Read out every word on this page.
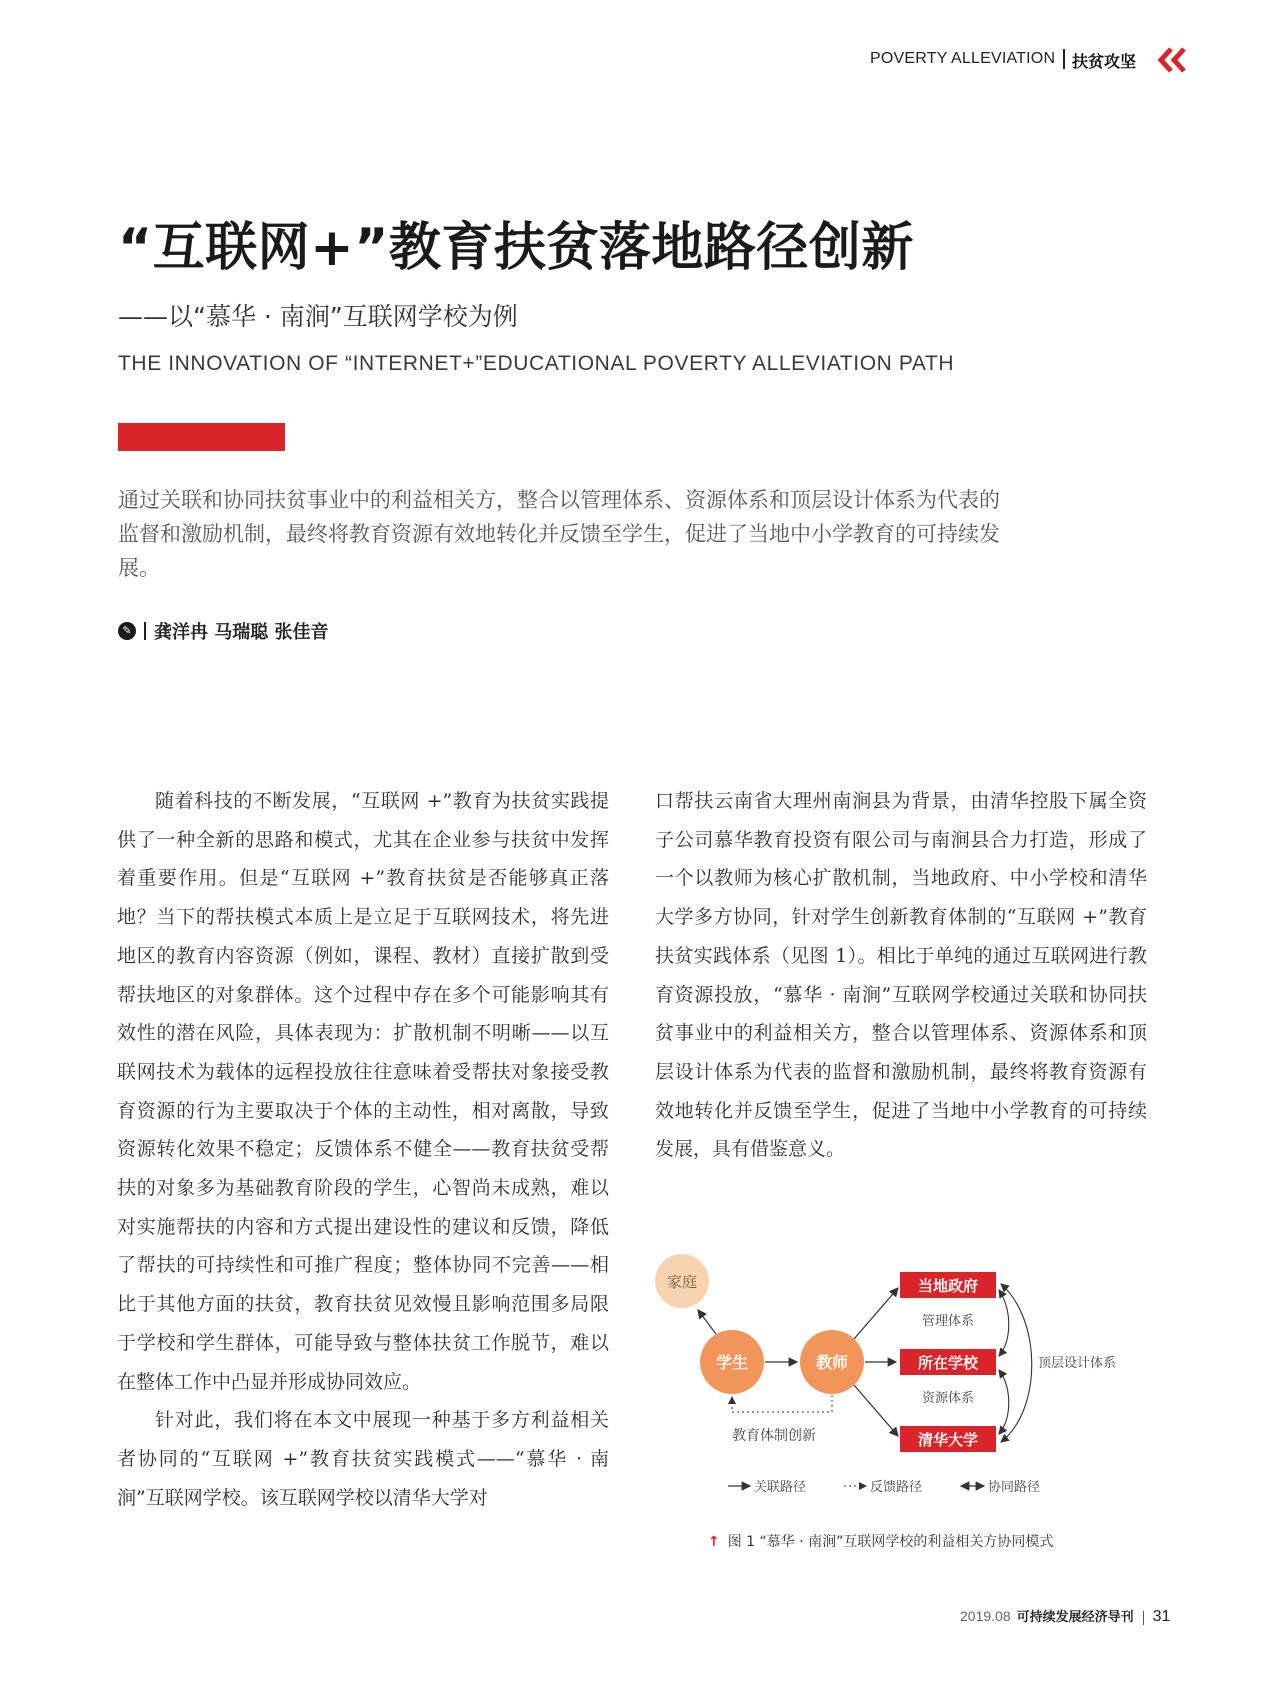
POVERTY ALLEVIATION 扶贫攻坚
“互联网+”教育扶贫落地路径创新
——以“慕华 · 南涧”互联网学校为例
THE INNOVATION OF “INTERNET+”EDUCATIONAL POVERTY ALLEVIATION PATH
通过关联和协同扶贫事业中的利益相关方，整合以管理体系、资源体系和顶层设计体系为代表的监督和激励机制，最终将教育资源有效地转化并反馈至学生，促进了当地中小学教育的可持续发展。
✎ 龚洋冉 马瑞聪 张佳音

随着科技的不断发展，“互联网 +”教育为扶贫实践提供了一种全新的思路和模式，尤其在企业参与扶贫中发挥着重要作用。但是“互联网 +”教育扶贫是否能够真正落地？当下的帮扶模式本质上是立足于互联网技术，将先进地区的教育内容资源（例如，课程、教材）直接扩散到受帮扶地区的对象群体。这个过程中存在多个可能影响其有效性的潜在风险，具体表现为：扩散机制不明晰——以互联网技术为载体的远程投放往往意味着受帮扶对象接受教育资源的行为主要取决于个体的主动性，相对离散，导致资源转化效果不稳定；反馈体系不健全——教育扶贫受帮扶的对象多为基础教育阶段的学生，心智尚未成熟，难以对实施帮扶的内容和方式提出建设性的建议和反馈，降低了帮扶的可持续性和可推广程度；整体协同不完善——相比于其他方面的扶贫，教育扶贫见效慢且影响范围多局限于学校和学生群体，可能导致与整体扶贫工作脱节，难以在整体工作中凸显并形成协同效应。

针对此，我们将在本文中展现一种基于多方利益相关者协同的“互联网 +”教育扶贫实践模式——“慕华 · 南涧”互联网学校。该互联网学校以清华大学对

口帮扶云南省大理州南涧县为背景，由清华控股下属全资子公司慕华教育投资有限公司与南涧县合力打造，形成了一个以教师为核心扩散机制，当地政府、中小学校和清华大学多方协同，针对学生创新教育体制的“互联网 +”教育扶贫实践体系（见图 1）。相比于单纯的通过互联网进行教育资源投放，“慕华 · 南涧”互联网学校通过关联和协同扶贫事业中的利益相关方，整合以管理体系、资源体系和顶层设计体系为代表的监督和激励机制，最终将教育资源有效地转化并反馈至学生，促进了当地中小学教育的可持续发展，具有借鉴意义。

家庭
学生	教师
当地政府
所在学校
清华大学
管理体系
资源体系
顶层设计体系
教育体制创新
关联路径	反馈路径	协同路径
↑ 图 1 “慕华 · 南涧”互联网学校的利益相关方协同模式
2019.08 可持续发展经济导刊 31
